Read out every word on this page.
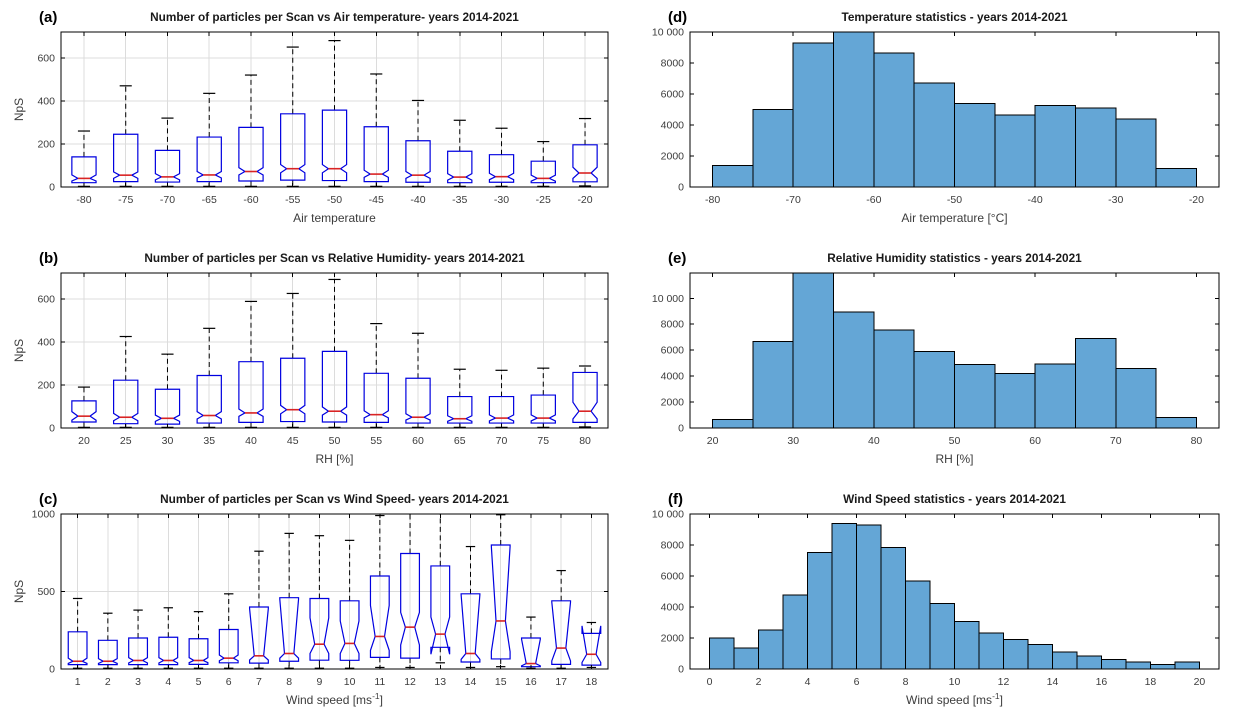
-80	-75	-70	-65	-60	-55	-50	-45	-40	-35	-30	-25	-20
0
200
400
600
Number of particles per Scan vs Air temperature- years 2014-2021
(a)
Air temperature
NpS
20	25	30	35	40	45	50	55	60	65	70	75	80
0
200
400
600
Number of particles per Scan vs Relative Humidity- years 2014-2021
(b)
RH [%]
NpS
1 2 3 4 5 6 7 8 9 10 11 12 13 14 15 16 17 18
0
500
1000
Number of particles per Scan vs Wind Speed- years 2014-2021
(c)
Wind speed $[ms^{-1}]$
NpS
-80	-70	-60	-50	-40	-30	-20
0
2000
4000
6000
8000
10 000
Temperature statistics - years 2014-2021
(d)
Air temperature [°C]
20	30	40	50	60	70	80
0
2000
4000
6000
8000
10 000
Relative Humidity statistics - years 2014-2021
(e)
RH [%]
0	2	4	6	8	10	12	14	16	18	20
0
2000
4000
6000
8000
10 000
Wind Speed statistics - years 2014-2021
(f)
Wind speed $[ms^{-1}]$
